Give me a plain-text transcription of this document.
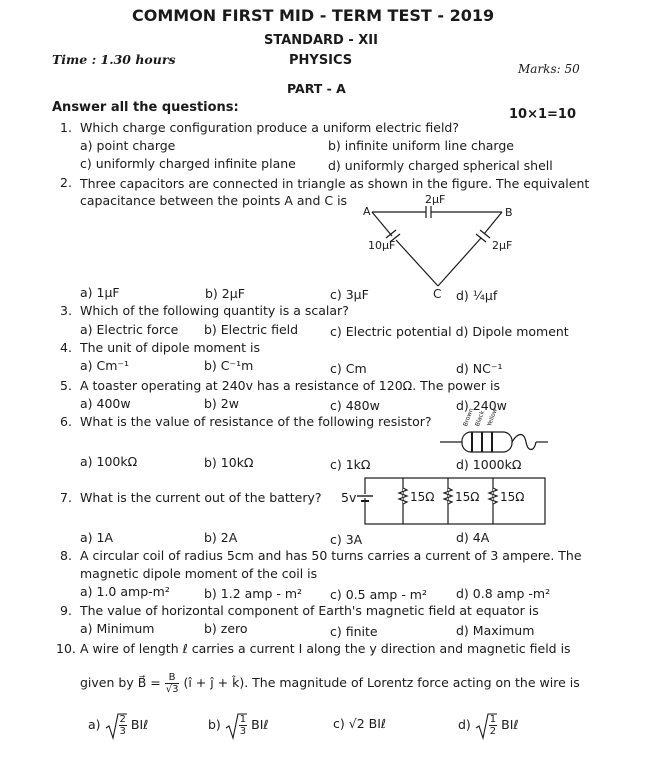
COMMON FIRST MID - TERM TEST - 2019
STANDARD - XII
Time : 1.30 hours	PHYSICS
Marks: 50
PART - A
Answer all the questions:	10×1=10
1. Which charge configuration produce a uniform electric field?
a) point charge	b) infinite uniform line charge
c) uniformly charged infinite plane	d) uniformly charged spherical shell
2. Three capacitors are connected in triangle as shown in the figure. The equivalent
capacitance between the points A and C is
A	B
2μF
10μF	2μF
C
a) 1μF	b) 2μF	c) 3μF	d) ¼μf
3. Which of the following quantity is a scalar?
a) Electric force b) Electric field	c) Electric potential d) Dipole moment
4. The unit of dipole moment is
a) Cm⁻¹	b) C⁻¹m	c) Cm	d) NC⁻¹
5. A toaster operating at 240v has a resistance of 120Ω. The power is
a) 400w	b) 2w	c) 480w	d) 240w
6. What is the value of resistance of the following resistor?	Brown
Black Yellow
a) 100kΩ	b) 10kΩ	c) 1kΩ	d) 1000kΩ
7. What is the current out of the battery? 5v	15Ω 15Ω 15Ω
a) 1A	b) 2A	c) 3A	d) 4A
8. A circular coil of radius 5cm and has 50 turns carries a current of 3 ampere. The
magnetic dipole moment of the coil is
a) 1.0 amp-m²	b) 1.2 amp - m² c) 0.5 amp - m² d) 0.8 amp -m²
9. The value of horizontal component of Earth's magnetic field at equator is
a) Minimum	b) zero	c) finite	d) Maximum
10. A wire of length ℓ carries a current I along the y direction and magnetic field is
given by B⃗ = $\frac{B}{√3}$ (î + ĵ + k̂). The magnitude of Lorentz force acting on the wire is
$a) \frac{2}{3}$ BIℓ	$b) \frac{1}{3}$ BIℓ	c) √2 BIℓ	$d) \frac{1}{2}$ BIℓ
